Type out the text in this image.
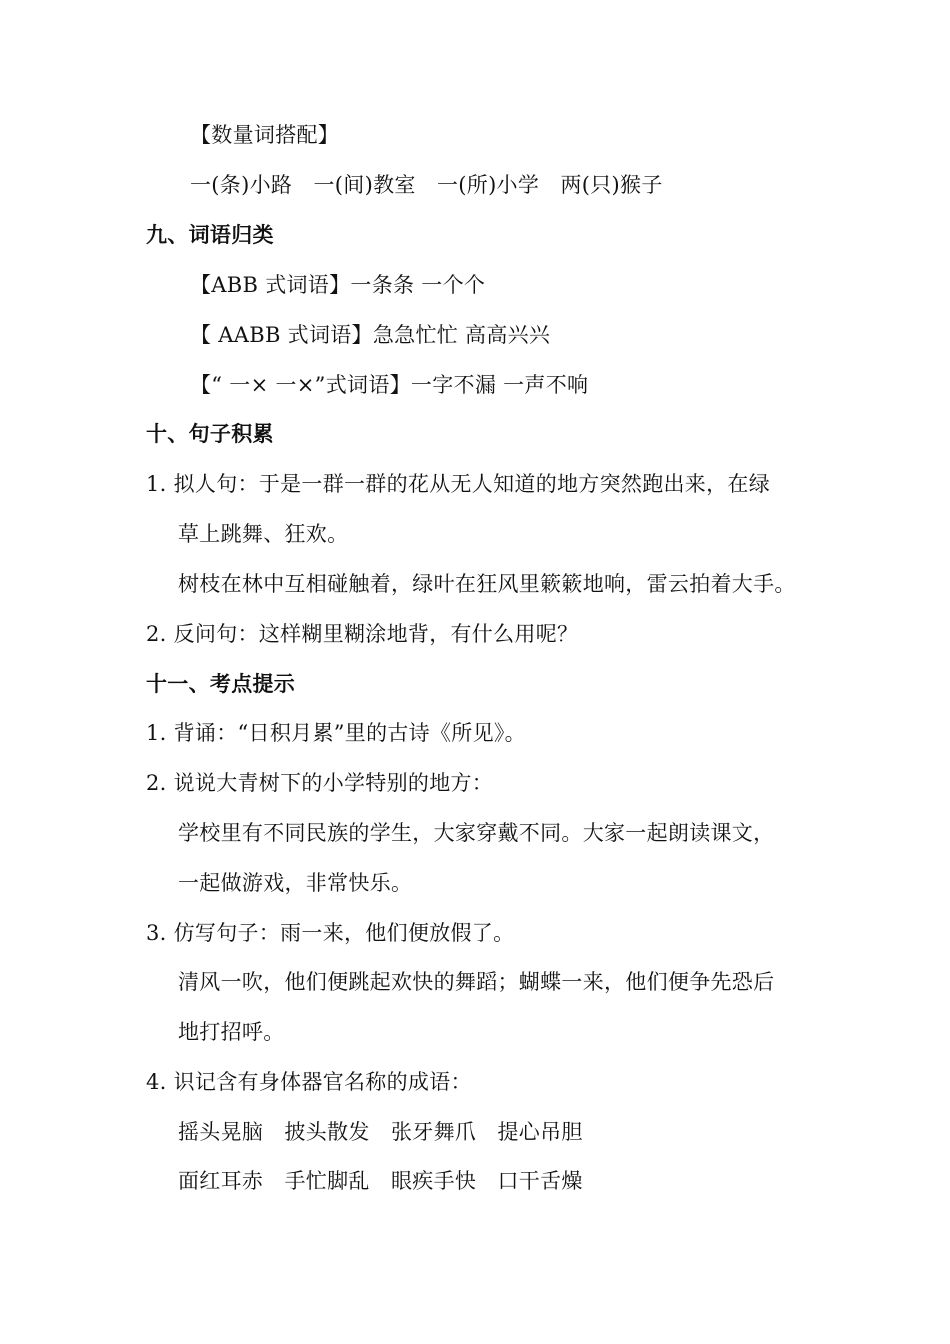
【数量词搭配】
一(条)小路　一(间)教室　一(所)小学　两(只)猴子
九、词语归类
【ABB 式词语】一条条 一个个
【 AABB 式词语】急急忙忙 高高兴兴
【“ 一× 一×”式词语】一字不漏 一声不响
十、句子积累
1. 拟人句：于是一群一群的花从无人知道的地方突然跑出来，在绿
草上跳舞、狂欢。
树枝在林中互相碰触着，绿叶在狂风里簌簌地响，雷云拍着大手。
2. 反问句：这样糊里糊涂地背，有什么用呢？
十一、考点提示
1. 背诵：“日积月累”里的古诗《所见》。
2. 说说大青树下的小学特别的地方：
学校里有不同民族的学生，大家穿戴不同。大家一起朗读课文，
一起做游戏，非常快乐。
3. 仿写句子：雨一来，他们便放假了。
清风一吹，他们便跳起欢快的舞蹈；蝴蝶一来，他们便争先恐后
地打招呼。
4. 识记含有身体器官名称的成语：
摇头晃脑　披头散发　张牙舞爪　提心吊胆
面红耳赤　手忙脚乱　眼疾手快　口干舌燥
